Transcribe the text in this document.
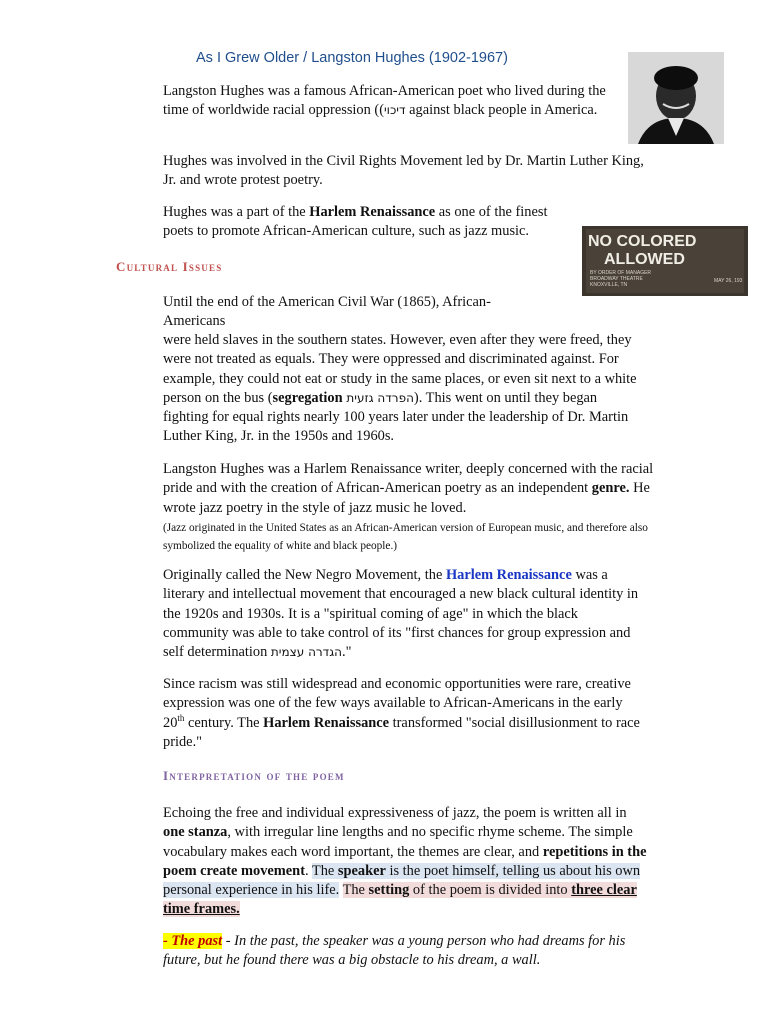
As I Grew Older / Langston Hughes (1902-1967)
NO COLORED
ALLOWED
BY ORDER OF MANAGER
BROADWAY THEATRE
KNOXVILLE, TN
MAY 26, 193
Langston Hughes was a famous African-American poet who lived during the time of worldwide racial oppression ((דיכוי against black people in America.
Hughes was involved in the Civil Rights Movement led by Dr. Martin Luther King, Jr. and wrote protest poetry.
Hughes was a part of the Harlem Renaissance as one of the finest poets to promote African-American culture, such as jazz music.
Cultural Issues
Until the end of the American Civil War (1865), African-
Americans
were held slaves in the southern states. However, even after they were freed, they were not treated as equals. They were oppressed and discriminated against. For example, they could not eat or study in the same places, or even sit next to a white person on the bus (segregation הפרדה גזעית). This went on until they began fighting for equal rights nearly 100 years later under the leadership of Dr. Martin Luther King, Jr. in the 1950s and 1960s.
Langston Hughes was a Harlem Renaissance writer, deeply concerned with the racial pride and with the creation of African-American poetry as an independent genre. He wrote jazz poetry in the style of jazz music he loved.
(Jazz originated in the United States as an African-American version of European music, and therefore also symbolized the equality of white and black people.)
Originally called the New Negro Movement, the Harlem Renaissance was a literary and intellectual movement that encouraged a new black cultural identity in the 1920s and 1930s. It is a "spiritual coming of age" in which the black community was able to take control of its "first chances for group expression and self determination הגדרה עצמית."
Since racism was still widespread and economic opportunities were rare, creative expression was one of the few ways available to African-Americans in the early 20th century. The Harlem Renaissance transformed "social disillusionment to race pride."
Interpretation of the poem
Echoing the free and individual expressiveness of jazz, the poem is written all in one stanza, with irregular line lengths and no specific rhyme scheme. The simple vocabulary makes each word important, the themes are clear, and repetitions in the poem create movement. The speaker is the poet himself, telling us about his own personal experience in his life. The setting of the poem is divided into three clear time frames.
- The past - In the past, the speaker was a young person who had dreams for his future, but he found there was a big obstacle to his dream, a wall.
